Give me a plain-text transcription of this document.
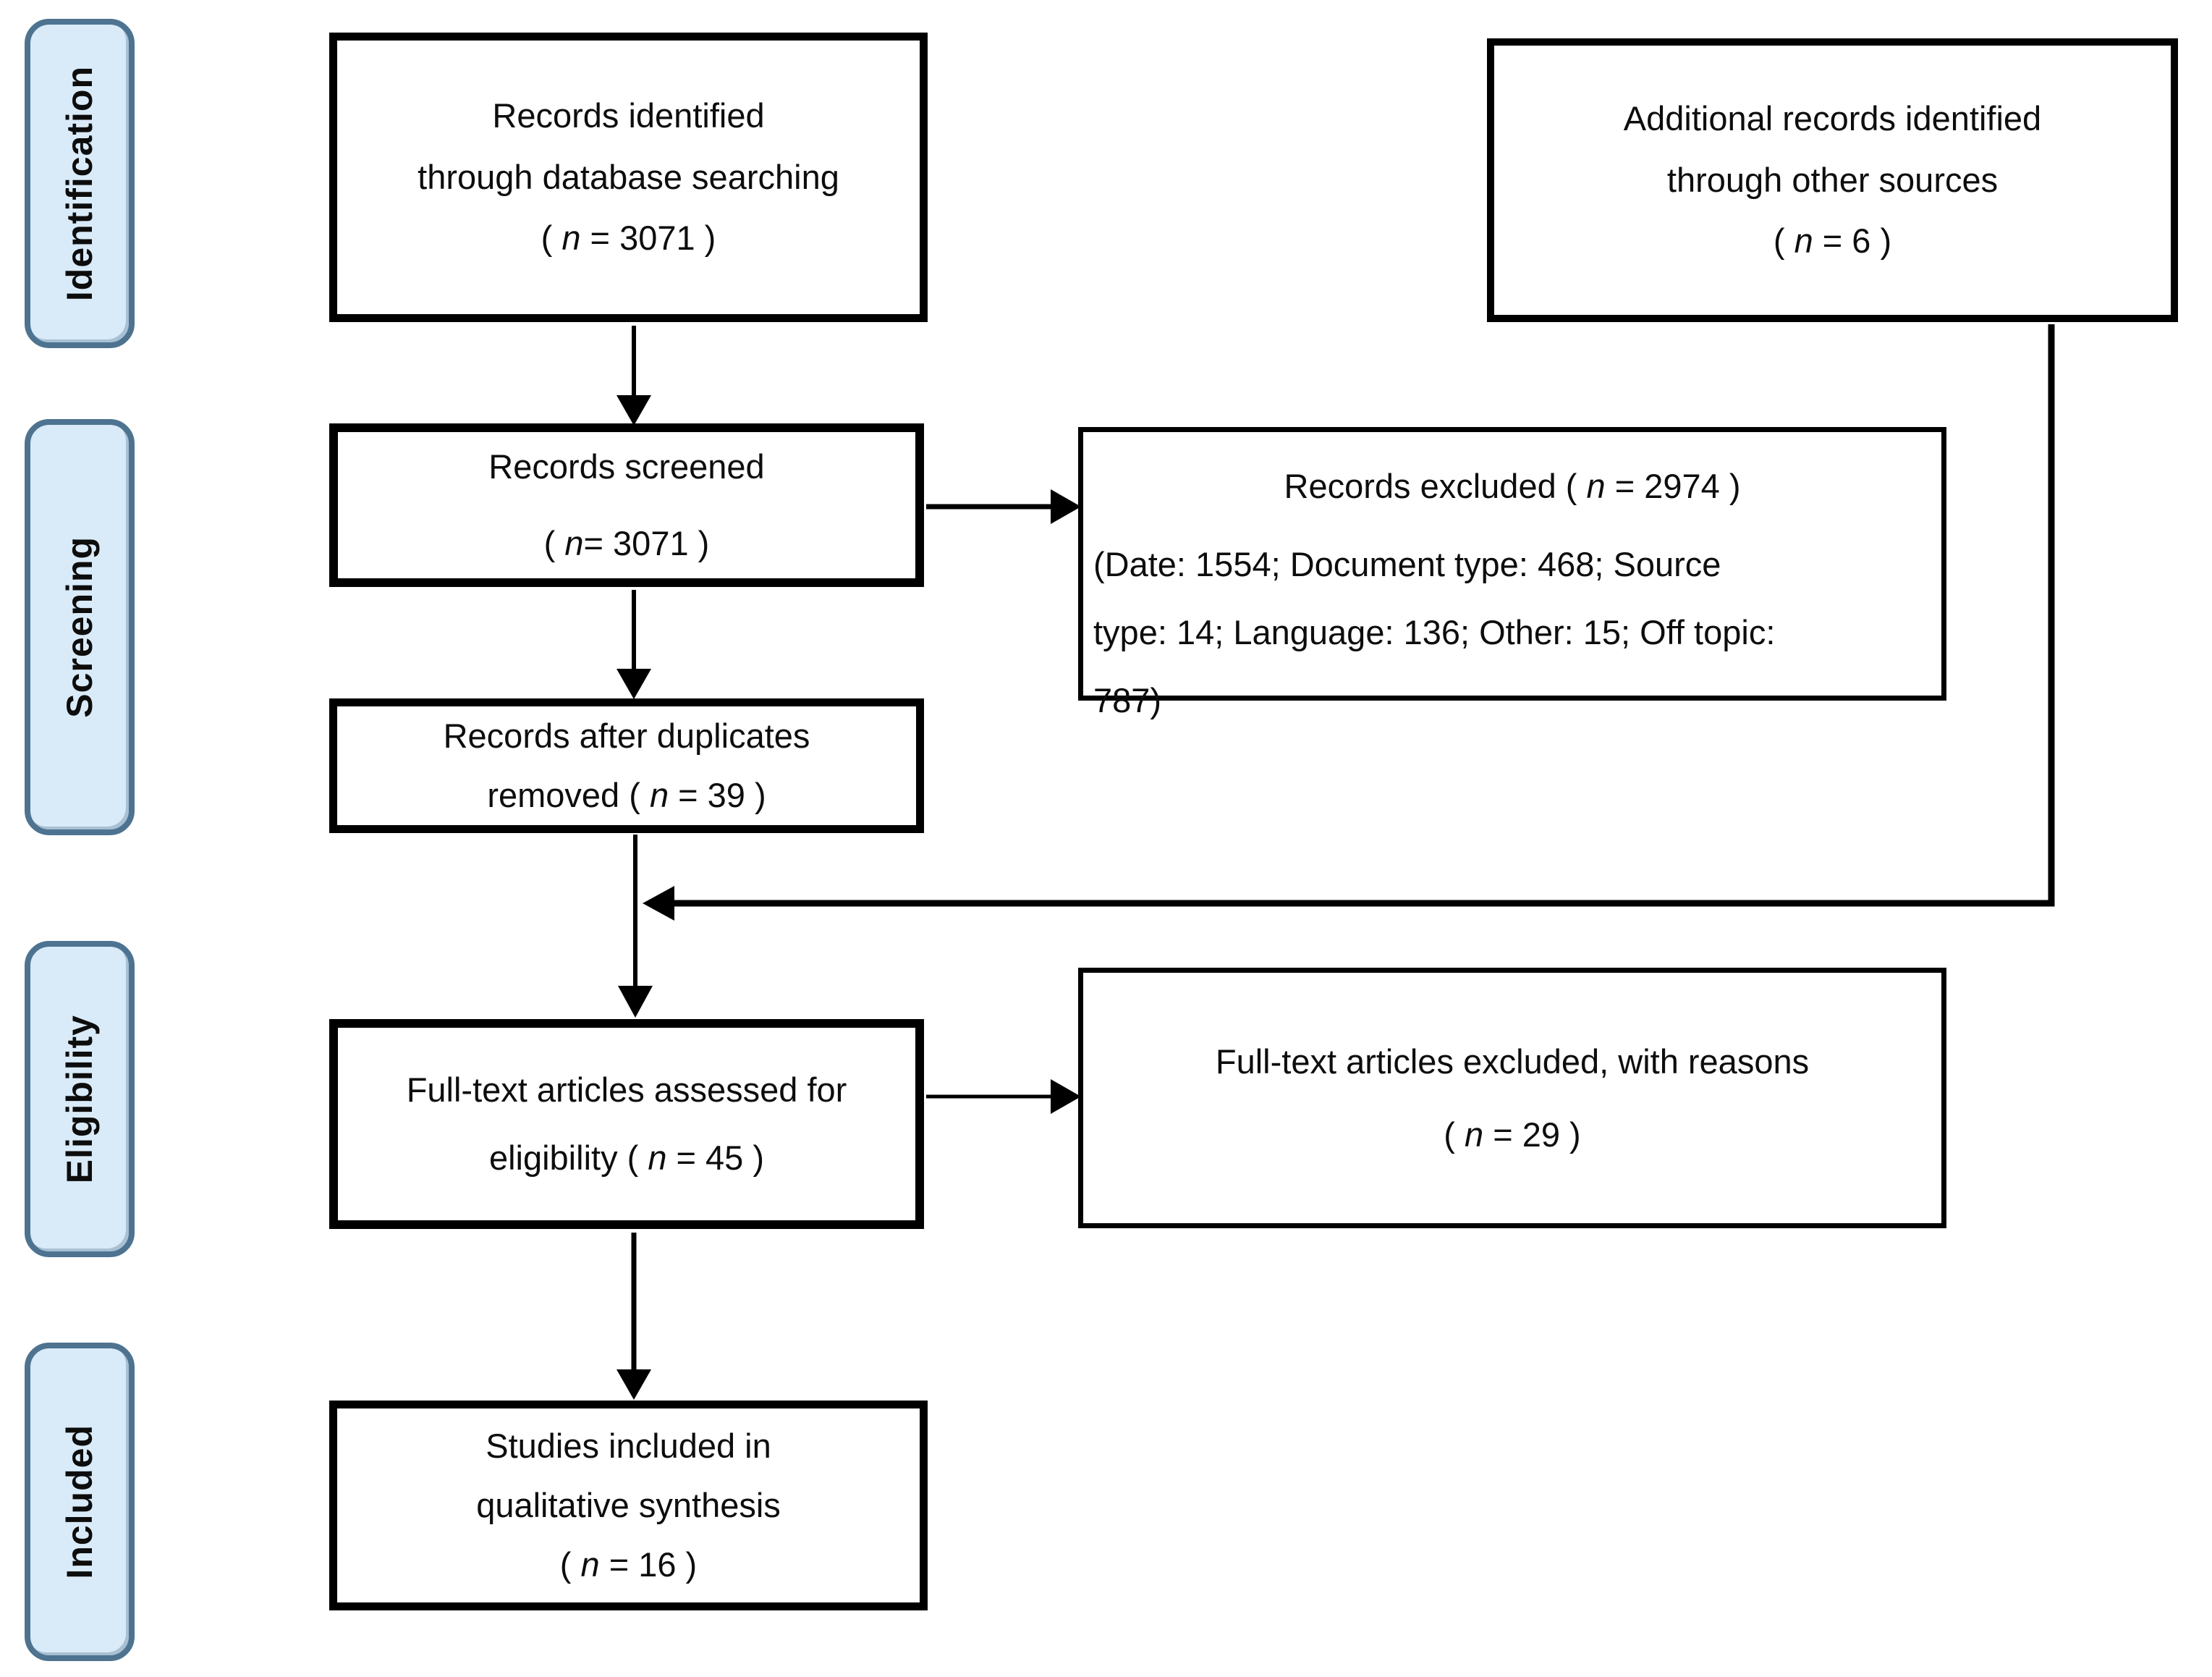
Identification
Screening
Eligibility
Included
Records identified
through database searching
( n = 3071 )
Additional records identified
through other sources
( n = 6 )
Records screened
( n= 3071 )
Records excluded ( n = 2974 )
(Date: 1554; Document type: 468; Source
type: 14; Language: 136; Other: 15; Off topic:
787)
Records after duplicates
removed ( n = 39 )
Full-text articles assessed for
eligibility ( n = 45 )
Full-text articles excluded, with reasons
( n = 29 )
Studies included in
qualitative synthesis
( n = 16 )
